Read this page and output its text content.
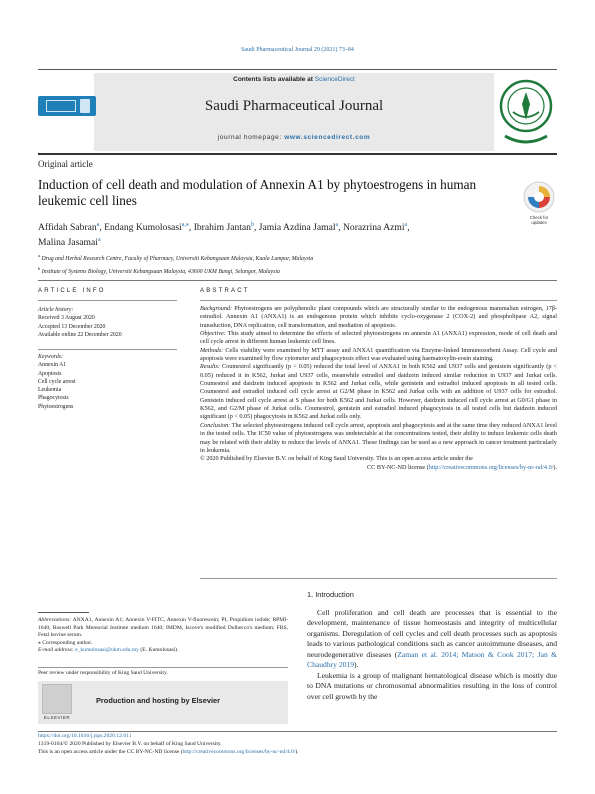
Saudi Pharmaceutical Journal 29 (2021) 73–84
Contents lists available at ScienceDirect
Saudi Pharmaceutical Journal
journal homepage: www.sciencedirect.com
Original article
Induction of cell death and modulation of Annexin A1 by phytoestrogens in human leukemic cell lines
Check for
updates
Affidah Sabran$^a$, Endang Kumolosasi$^{a,⁎}$, Ibrahim Jantan$^b$, Jamia Azdina Jamal$^a$, Norazrina Azmi$^a$,
Malina Jasamai$^a$
$^a$ Drug and Herbal Research Centre, Faculty of Pharmacy, Universiti Kebangsaan Malaysia, Kuala Lumpur, Malaysia
$^b$ Institute of Systems Biology, Universiti Kebangsaan Malaysia, 43600 UKM Bangi, Selangor, Malaysia
ARTICLE INFO
Article history:
Received 3 August 2020
Accepted 13 December 2020
Available online 22 December 2020
Keywords:
Annexin A1
Apoptosis
Cell cycle arrest
Leukemia
Phagocytosis
Phytoestrogens
ABSTRACT

Background: Phytoestrogens are polyphenolic plant compounds which are structurally similar to the endogenous mammalian estrogen, 17β-estradiol. Annexin A1 (ANXA1) is an endogenous protein which inhibits cyclo-oxygenase 2 (COX-2) and phospholipase A2, signal transduction, DNA replication, cell transformation, and mediation of apoptosis.

Objective: This study aimed to determine the effects of selected phytoestrogens on annexin A1 (ANXA1) expression, mode of cell death and cell cycle arrest in different human leukemic cell lines.

Methods: Cells viability were examined by MTT assay and ANXA1 quantification via Enzyme-linked Immunosorbent Assay. Cell cycle and apoptosis were examined by flow cytometer and phagocytosis effect was evaluated using haematoxylin-eosin staining.

Results: Coumestrol significantly (p < 0.05) reduced the total level of ANXA1 in both K562 and U937 cells and genistein significantly (p < 0.05) reduced it in K562, Jurkat and U937 cells, meanwhile estradiol and daidzein induced similar reduction in U937 and Jurkat cells. Coumestrol and daidzein induced apoptosis in K562 and Jurkat cells, while genistein and estradiol induced apoptosis in all tested cells. Coumestrol and estradiol induced cell cycle arrest at G2/M phase in K562 and Jurkat cells with an addition of U937 cells for estradiol. Genistein induced cell cycle arrest at S phase for both K562 and Jurkat cells. However, daidzein induced cell cycle arrest at G0/G1 phase in K562, and G2/M phase of Jurkat cells. Coumestrol, genistein and estradiol induced phagocytosis in all tested cells but daidzein induced significant (p < 0.05) phagocytosis in K562 and Jurkat cells only.

Conclusion: The selected phytoestrogens induced cell cycle arrest, apoptosis and phagocytosis and at the same time they reduced ANXA1 level in the tested cells. The IC50 value of phytoestrogens was undetectable at the concentrations tested, their ability to induce leukemic cells death may be related with their ability to reduce the levels of ANXA1. These findings can be used as a new approach in cancer treatment particularly in leukemia.

© 2020 Published by Elsevier B.V. on behalf of King Saud University. This is an open access article under the

CC BY-NC-ND license (http://creativecommons.org/licenses/by-nc-nd/4.0/).

Abbreviations: ANXA1, Annexin A1; Annexin V-FITC, Annexin V-fluorescein; PI, Propidium iodide; RPMI-1640, Roswell Park Memorial Institute medium 1640; IMDM, Iscove's modified Dulbecco's medium; FBS, Fetal bovine serum.
⁎ Corresponding author.
E-mail address: e_kumolosasi@ukm.edu.my (E. Kumolosasi).
Peer review under responsibility of King Saud University.
ELSEVIER
Production and hosting by Elsevier
1. Introduction

Cell proliferation and cell death are processes that is essential to the development, maintenance of tissue homeostasis and integrity of multicellular organisms. Deregulation of cell cycles and cell death processes such as apoptosis leads to various pathological conditions such as cancer autoimmune diseases, and neurodegenerative diseases (Zaman et al. 2014; Matson & Cook 2017; Jan & Chaudhry 2019).

Leukemia is a group of malignant hematological disease which is mostly due to DNA mutations or chromosomal abnormalities resulting in the loss of control over cell growth by the

https://doi.org/10.1016/j.jsps.2020.12.011
1319-0164/© 2020 Published by Elsevier B.V. on behalf of King Saud University.
This is an open access article under the CC BY-NC-ND license (http://creativecommons.org/licenses/by-nc-nd/4.0/).
